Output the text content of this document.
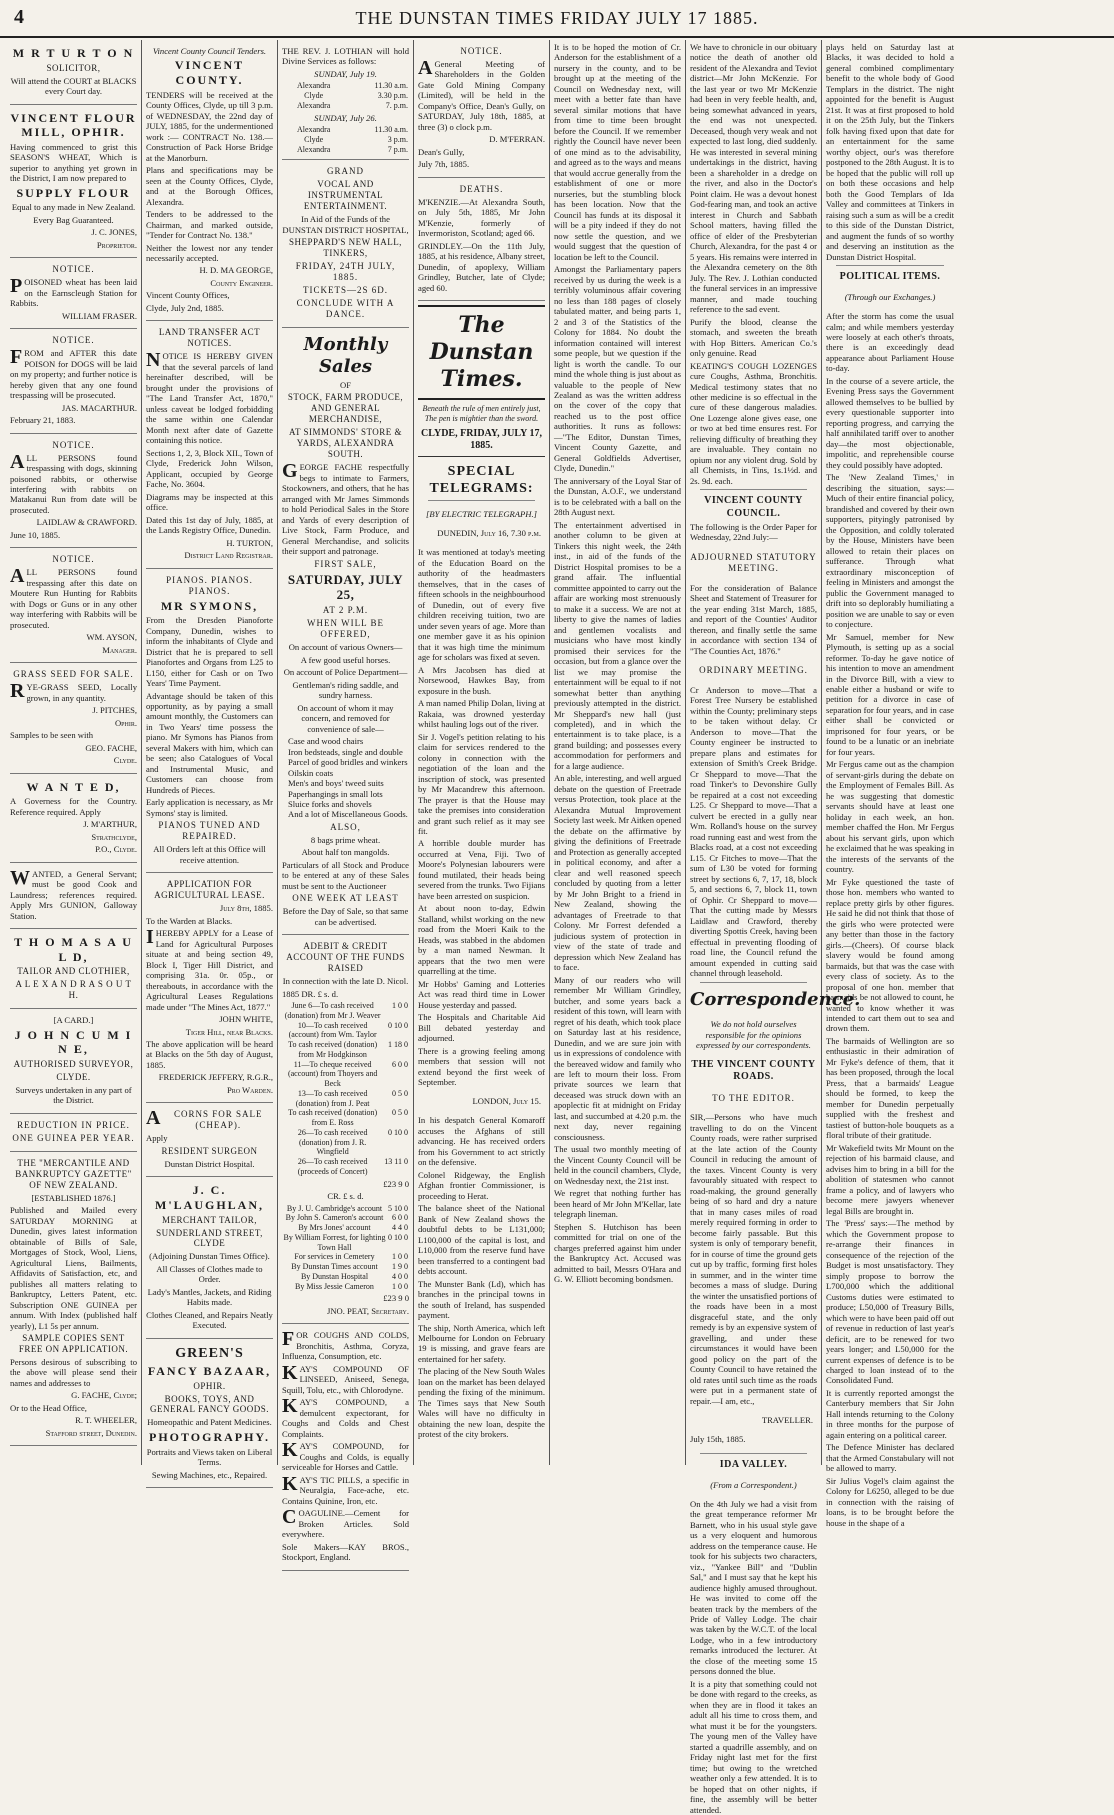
4	THE DUNSTAN TIMES FRIDAY JULY 17 1885.

M R T U R T O N

SOLICITOR,

Will attend the COURT at BLACKS every Court day.

VINCENT FLOUR MILL, OPHIR.

Having commenced to grist this SEASON'S WHEAT, Which is superior to anything yet grown in the District, I am now prepared to

SUPPLY FLOUR

Equal to any made in New Zealand.

Every Bag Guaranteed.

J. C. JONES,

Proprietor.

NOTICE.

POISONED wheat has been laid on the Earnscleugh Station for Rabbits.

WILLIAM FRASER.

NOTICE.

FROM and AFTER this date POISON for DOGS will be laid on my property; and further notice is hereby given that any one found trespassing will be prosecuted.

JAS. MACARTHUR.

February 21, 1883.

NOTICE.

ALL PERSONS found trespassing with dogs, skinning poisoned rabbits, or otherwise interfering with rabbits on Matakanui Run from date will be prosecuted.

LAIDLAW & CRAWFORD.

June 10, 1885.

NOTICE.

ALL PERSONS found trespassing after this date on Moutere Run Hunting for Rabbits with Dogs or Guns or in any other way interfering with Rabbits will be prosecuted.

WM. AYSON,

Manager.

GRASS SEED FOR SALE.

RYE-GRASS SEED, Locally grown, in any quantity.

J. PITCHES,

Ophir.

Samples to be seen with

GEO. FACHE,

Clyde.

W A N T E D,

A Governess for the Country. Reference required. Apply

J. M'ARTHUR,

Strathclyde,

P.O., Clyde.

WANTED, a General Servant; must be good Cook and Laundress; references required. Apply Mrs GUNION, Galloway Station.

T H O M A S A U L D,

TAILOR AND CLOTHIER,

A L E X A N D R A S O U T H.

[A CARD.]

J O H N C U M I N E,

AUTHORISED SURVEYOR,

CLYDE.

Surveys undertaken in any part of the District.

REDUCTION IN PRICE.

ONE GUINEA PER YEAR.

THE "MERCANTILE AND BANKRUPTCY GAZETTE" OF NEW ZEALAND.

[ESTABLISHED 1876.]

Published and Mailed every SATURDAY MORNING at Dunedin, gives latest information obtainable of Bills of Sale, Mortgages of Stock, Wool, Liens, Agricultural Liens, Bailments, Affidavits of Satisfaction, etc, and publishes all matters relating to Bankruptcy, Letters Patent, etc. Subscription ONE GUINEA per annum. With Index (published half yearly), L1 5s per annum.

SAMPLE COPIES SENT FREE ON APPLICATION.

Persons desirous of subscribing to the above will please send their names and addresses to

G. FACHE, Clyde;

Or to the Head Office,

R. T. WHEELER,

Stafford street, Dunedin.

Vincent County Council Tenders.

VINCENT COUNTY.

TENDERS will be received at the County Offices, Clyde, up till 3 p.m. of WEDNESDAY, the 22nd day of JULY, 1885, for the undermentioned work :— CONTRACT No. 138.—Construction of Pack Horse Bridge at the Manorburn.

Plans and specifications may be seen at the County Offices, Clyde, and at the Borough Offices, Alexandra.

Tenders to be addressed to the Chairman, and marked outside, "Tender for Contract No. 138."

Neither the lowest nor any tender necessarily accepted.

H. D. MA GEORGE,

County Engineer.

Vincent County Offices,

Clyde, July 2nd, 1885.

LAND TRANSFER ACT NOTICES.

NOTICE IS HEREBY GIVEN that the several parcels of land hereinafter described, will be brought under the provisions of "The Land Transfer Act, 1870," unless caveat be lodged forbidding the same within one Calendar Month next after date of Gazette containing this notice.

Sections 1, 2, 3, Block XII., Town of Clyde, Frederick John Wilson, Applicant, occupied by George Fache, No. 3604.

Diagrams may be inspected at this office.

Dated this 1st day of July, 1885, at the Lands Registry Office, Dunedin.

H. TURTON,

District Land Registrar.

PIANOS. PIANOS. PIANOS.

MR SYMONS,

From the Dresden Pianoforte Company, Dunedin, wishes to inform the inhabitants of Clyde and District that he is prepared to sell Pianofortes and Organs from L25 to L150, either for Cash or on Two Years' Time Payment.

Advantage should be taken of this opportunity, as by paying a small amount monthly, the Customers can in Two Years' time possess the piano. Mr Symons has Pianos from several Makers with him, which can be seen; also Catalogues of Vocal and Instrumental Music, and Customers can choose from Hundreds of Pieces.

Early application is necessary, as Mr Symons' stay is limited.

PIANOS TUNED AND REPAIRED.

All Orders left at this Office will receive attention.

APPLICATION FOR AGRICULTURAL LEASE.

July 8th, 1885.

To the Warden at Blacks.

IHEREBY APPLY for a Lease of Land for Agricultural Purposes situate at and being section 49, Block I, Tiger Hill District, and comprising 31a. 0r. 05p., or thereabouts, in accordance with the Agricultural Leases Regulations made under "The Mines Act, 1877."

JOHN WHITE,

Tiger Hill, near Blacks.

The above application will be heard at Blacks on the 5th day of August, 1885.

FREDERICK JEFFERY, R.G.R.,

Pro Warden.

ACORNS FOR SALE (CHEAP).

Apply

RESIDENT SURGEON

Dunstan District Hospital.

J. C. M'LAUGHLAN,

MERCHANT TAILOR,

SUNDERLAND STREET, CLYDE

(Adjoining Dunstan Times Office).

All Classes of Clothes made to Order.

Lady's Mantles, Jackets, and Riding Habits made.

Clothes Cleaned, and Repairs Neatly Executed.

GREEN'S

FANCY BAZAAR,

OPHIR.

BOOKS, TOYS, AND GENERAL FANCY GOODS.

Homeopathic and Patent Medicines.

PHOTOGRAPHY.

Portraits and Views taken on Liberal Terms.

Sewing Machines, etc., Repaired.

THE REV. J. LOTHIAN will hold Divine Services as follows:

SUNDAY, July 19.

Alexandra	11.30 a.m.
Clyde	3.30 p.m.
Alexandra	7. p.m.

SUNDAY, July 26.

Alexandra	11.30 a.m.
Clyde	3 p.m.
Alexandra	7 p.m.

GRAND

VOCAL AND INSTRUMENTAL ENTERTAINMENT.

In Aid of the Funds of the DUNSTAN DISTRICT HOSPITAL,

SHEPPARD'S NEW HALL, TINKERS,

FRIDAY, 24TH JULY, 1885.

TICKETS—2S 6D.

CONCLUDE WITH A DANCE.

Monthly Sales

OF

STOCK, FARM PRODUCE, AND GENERAL MERCHANDISE,

AT SIMMONDS' STORE & YARDS, ALEXANDRA SOUTH.

GEORGE FACHE respectfully begs to intimate to Farmers, Stockowners, and others, that he has arranged with Mr James Simmonds to hold Periodical Sales in the Store and Yards of every description of Live Stock, Farm Produce, and General Merchandise, and solicits their support and patronage.

FIRST SALE,

SATURDAY, JULY 25,

AT 2 P.M.

WHEN WILL BE OFFERED,

On account of various Owners—

A few good useful horses.

On account of Police Department—

Gentleman's riding saddle, and sundry harness.

On account of whom it may concern, and removed for convenience of sale—

Case and wood chairs
Iron bedsteads, single and double
Parcel of good bridles and winkers
Oilskin coats
Men's and boys' tweed suits
Paperhangings in small lots
Sluice forks and shovels
And a lot of Miscellaneous Goods.

ALSO,

8 bags prime wheat.

About half ton mangolds.

Particulars of all Stock and Produce to be entered at any of these Sales must be sent to the Auctioneer

ONE WEEK AT LEAST

Before the Day of Sale, so that same can be advertised.

ADEBIT & CREDIT ACCOUNT OF THE FUNDS RAISED

In connection with the late D. Nicol.

1885 DR. £ s. d.

June 6—To cash received (donation) from Mr J. Weaver	1 0 0
10—To cash received (account) from Wm. Taylor	0 10 0
To cash received (donation) from Mr Hodgkinson	1 18 0
11—To cheque received (account) from Thoyers and Beck	6 0 0
13—To cash received (donation) from J. Peat	0 5 0
To cash received (donation) from E. Ross	0 5 0
26—To cash received (donation) from J. R. Wingfield	0 10 0
26—To cash received (proceeds of Concert)	13 11 0

£23 9 0

CR. £ s. d.

By J. U. Cambridge's account	5 10 0
By John S. Cameron's account	6 0 0
By Mrs Jones' account	4 4 0
By William Forrest, for lighting Town Hall	0 10 0
For services in Cemetery	1 0 0
By Dunstan Times account	1 9 0
By Dunstan Hospital	4 0 0
By Miss Jessie Cameron	1 0 0

£23 9 0

JNO. PEAT, Secretary.

FOR COUGHS AND COLDS, Bronchitis, Asthma, Coryza, Influenza, Consumption, etc.

KAY'S COMPOUND OF LINSEED, Aniseed, Senega, Squill, Tolu, etc., with Chlorodyne.

KAY'S COMPOUND, a demulcent expectorant, for Coughs and Colds and Chest Complaints.

KAY'S COMPOUND, for Coughs and Colds, is equally serviceable for Horses and Cattle.

KAY'S TIC PILLS, a specific in Neuralgia, Face-ache, etc. Contains Quinine, Iron, etc.

COAGULINE.—Cement for Broken Articles. Sold everywhere.

Sole Makers—KAY BROS., Stockport, England.

NOTICE.

AGeneral Meeting of Shareholders in the Golden Gate Gold Mining Company (Limited), will be held in the Company's Office, Dean's Gully, on SATURDAY, July 18th, 1885, at three (3) o clock p.m.

D. M'FERRAN.

Dean's Gully,

July 7th, 1885.

DEATHS.

M'KENZIE.—At Alexandra South, on July 5th, 1885, Mr John M'Kenzie, formerly of Invermoriston, Scotland; aged 66.

GRINDLEY.—On the 11th July, 1885, at his residence, Albany street, Dunedin, of apoplexy, William Grindley, Butcher, late of Clyde; aged 60.

The Dunstan Times.

Beneath the rule of men entirely just,

The pen is mightier than the sword.

CLYDE, FRIDAY, JULY 17, 1885.
SPECIAL TELEGRAMS:

[BY ELECTRIC TELEGRAPH.]

DUNEDIN, July 16, 7.30 p.m.

It was mentioned at today's meeting of the Education Board on the authority of the headmasters themselves, that in the cases of fifteen schools in the neighbourhood of Dunedin, out of every five children receiving tuition, two are under seven years of age. More than one member gave it as his opinion that it was high time the minimum age for scholars was fixed at seven.

A Mrs Jacobsen has died at Norsewood, Hawkes Bay, from exposure in the bush.

A man named Philip Dolan, living at Rakaia, was drowned yesterday whilst hauling logs out of the river.

Sir J. Vogel's petition relating to his claim for services rendered to the colony in connection with the negotiation of the loan and the inscription of stock, was presented by Mr Macandrew this afternoon. The prayer is that the House may take the premises into consideration and grant such relief as it may see fit.

A horrible double murder has occurred at Vena, Fiji. Two of Moore's Polynesian labourers were found mutilated, their heads being severed from the trunks. Two Fijians have been arrested on suspicion.

At about noon to-day, Edwin Stalland, whilst working on the new road from the Moeri Kaik to the Heads, was stabbed in the abdomen by a man named Newman. It appears that the two men were quarrelling at the time.

Mr Hobbs' Gaming and Lotteries Act was read third time in Lower House yesterday and passed.

The Hospitals and Charitable Aid Bill debated yesterday and adjourned.

There is a growing feeling among members that session will not extend beyond the first week of September.

LONDON, July 15.

In his despatch General Komaroff accuses the Afghans of still advancing. He has received orders from his Government to act strictly on the defensive.

Colonel Ridgeway, the English Afghan frontier Commissioner, is proceeding to Herat.

The balance sheet of the National Bank of New Zealand shows the doubtful debts to be L131,000; L100,000 of the capital is lost, and L10,000 from the reserve fund have been transferred to a contingent bad debts account.

The Munster Bank (Ld), which has branches in the principal towns in the south of Ireland, has suspended payment.

The ship, North America, which left Melbourne for London on February 19 is missing, and grave fears are entertained for her safety.

The placing of the New South Wales loan on the market has been delayed pending the fixing of the minimum. The Times says that New South Wales will have no difficulty in obtaining the new loan, despite the protest of the city brokers.

It is to be hoped the motion of Cr. Anderson for the establishment of a nursery in the county, and to be brought up at the meeting of the Council on Wednesday next, will meet with a better fate than have several similar motions that have from time to time been brought before the Council. If we remember rightly the Council have never been of one mind as to the advisability, and agreed as to the ways and means that would accrue generally from the establishment of one or more nurseries, but the stumbling block has been location. Now that the Council has funds at its disposal it will be a pity indeed if they do not now settle the question, and we would suggest that the question of location be left to the Council.

Amongst the Parliamentary papers received by us during the week is a terribly voluminous affair covering no less than 188 pages of closely tabulated matter, and being parts 1, 2 and 3 of the Statistics of the Colony for 1884. No doubt the information contained will interest some people, but we question if the light is worth the candle. To our mind the whole thing is just about as valuable to the people of New Zealand as was the written address on the cover of the copy that reached us to the post office authorities. It runs as follows:—"The Editor, Dunstan Times, Vincent County Gazette, and General Goldfields Advertiser, Clyde, Dunedin."

The anniversary of the Loyal Star of the Dunstan, A.O.F., we understand is to be celebrated with a ball on the 28th August next.

The entertainment advertised in another column to be given at Tinkers this night week, the 24th inst., in aid of the funds of the District Hospital promises to be a grand affair. The influential committee appointed to carry out the affair are working most strenuously to make it a success. We are not at liberty to give the names of ladies and gentlemen vocalists and musicians who have most kindly promised their services for the occasion, but from a glance over the list we may promise the entertainment will be equal to if not somewhat better than anything previously attempted in the district. Mr Sheppard's new hall (just completed), and in which the entertainment is to take place, is a grand building; and possesses every accommodation for performers and for a large audience.

An able, interesting, and well argued debate on the question of Freetrade versus Protection, took place at the Alexandra Mutual Improvement Society last week. Mr Aitken opened the debate on the affirmative by giving the definitions of Freetrade and Protection as generally accepted in political economy, and after a clear and well reasoned speech concluded by quoting from a letter by Mr John Bright to a friend in New Zealand, showing the advantages of Freetrade to that Colony. Mr Forrest defended a judicious system of protection in view of the state of trade and depression which New Zealand has to face.

Many of our readers who will remember Mr William Grindley, butcher, and some years back a resident of this town, will learn with regret of his death, which took place on Saturday last at his residence, Dunedin, and we are sure join with us in expressions of condolence with the bereaved widow and family who are left to mourn their loss. From private sources we learn that deceased was struck down with an apoplectic fit at midnight on Friday last, and succumbed at 4.20 p.m. the next day, never regaining consciousness.

The usual two monthly meeting of the Vincent County Council will be held in the council chambers, Clyde, on Wednesday next, the 21st inst.

We regret that nothing further has been heard of Mr John M'Kellar, late telegraph lineman.

Stephen S. Hutchison has been committed for trial on one of the charges preferred against him under the Bankruptcy Act. Accused was admitted to bail, Messrs O'Hara and G. W. Elliott becoming bondsmen.

We have to chronicle in our obituary notice the death of another old resident of the Alexandra and Teviot district—Mr John McKenzie. For the last year or two Mr McKenzie had been in very feeble health, and, being somewhat advanced in years, the end was not unexpected. Deceased, though very weak and not expected to last long, died suddenly. He was interested in several mining undertakings in the district, having been a shareholder in a dredge on the river, and also in the Doctor's Point claim. He was a devout honest God-fearing man, and took an active interest in Church and Sabbath School matters, having filled the office of elder of the Presbyterian Church, Alexandra, for the past 4 or 5 years. His remains were interred in the Alexandra cemetery on the 8th July. The Rev. J. Lothian conducted the funeral services in an impressive manner, and made touching reference to the sad event.

Purify the blood, cleanse the stomach, and sweeten the breath with Hop Bitters. American Co.'s only genuine. Read

KEATING'S COUGH LOZENGES cure Coughs, Asthma, Bronchitis. Medical testimony states that no other medicine is so effectual in the cure of these dangerous maladies. One Lozenge alone gives ease, one or two at bed time ensures rest. For relieving difficulty of breathing they are invaluable. They contain no opium nor any violent drug. Sold by all Chemists, in Tins, 1s.1½d. and 2s. 9d. each.

VINCENT COUNTY COUNCIL.

The following is the Order Paper for Wednesday, 22nd July:—

ADJOURNED STATUTORY MEETING.

For the consideration of Balance Sheet and Statement of Treasurer for the year ending 31st March, 1885, and report of the Counties' Auditor thereon, and finally settle the same in accordance with section 134 of "The Counties Act, 1876."

ORDINARY MEETING.

Cr Anderson to move—That a Forest Tree Nursery be established within the County; preliminary steps to be taken without delay. Cr Anderson to move—That the County engineer be instructed to prepare plans and estimates for extension of Smith's Creek Bridge. Cr Sheppard to move—That the road Tinker's to Devonshire Gully be repaired at a cost not exceeding L25. Cr Sheppard to move—That a culvert be erected in a gully near Wm. Rolland's house on the survey road running east and west from the Blacks road, at a cost not exceeding L15. Cr Fitches to move—That the sum of L30 be voted for forming street by sections 6, 7, 17, 18, block 5, and sections 6, 7, block 11, town of Ophir. Cr Sheppard to move—That the cutting made by Messrs Laidlaw and Crawford, thereby diverting Spottis Creek, having been effectual in preventing flooding of road line, the Council refund the amount expended in cutting said channel through leasehold.

Correspondence.

We do not hold ourselves responsible for the opinions expressed by our correspondents.

THE VINCENT COUNTY ROADS.

TO THE EDITOR.

SIR,—Persons who have much travelling to do on the Vincent County roads, were rather surprised at the late action of the County Council in reducing the amount of the taxes. Vincent County is very favourably situated with respect to road-making, the ground generally being of so hard and dry a nature that in many cases miles of road merely required forming in order to become fairly passable. But this system is only of temporary benefit, for in course of time the ground gets cut up by traffic, forming first holes in summer, and in the winter time becomes a mass of sludge. During the winter the unsatisfied portions of the roads have been in a most disgraceful state, and the only remedy is by an expensive system of gravelling, and under these circumstances it would have been good policy on the part of the County Council to have retained the old rates until such time as the roads were put in a permanent state of repair.—I am, etc.,

TRAVELLER.

July 15th, 1885.

IDA VALLEY.

(From a Correspondent.)

On the 4th July we had a visit from the great temperance reformer Mr Barnett, who in his usual style gave us a very eloquent and humorous address on the temperance cause. He took for his subjects two characters, viz., "Yankee Bill" and "Dublin Sal," and I must say that he kept his audience highly amused throughout. He was invited to come off the beaten track by the members of the Pride of Valley Lodge. The chair was taken by the W.C.T. of the local Lodge, who in a few introductory remarks introduced the lecturer. At the close of the meeting some 15 persons donned the blue.

It is a pity that something could not be done with regard to the creeks, as when they are in flood it takes an adult all his time to cross them, and what must it be for the youngsters. The young men of the Valley have started a quadrille assembly, and on Friday night last met for the first time; but owing to the wretched weather only a few attended. It is to be hoped that on other nights, if fine, the assembly will be better attended.

plays held on Saturday last at Blacks, it was decided to hold a general combined complimentary benefit to the whole body of Good Templars in the district. The night appointed for the benefit is August 21st. It was at first proposed to hold it on the 25th July, but the Tinkers folk having fixed upon that date for an entertainment for the same worthy object, our's was therefore postponed to the 28th August. It is to be hoped that the public will roll up on both these occasions and help both the Good Templars of Ida Valley and committees at Tinkers in raising such a sum as will be a credit to this side of the Dunstan District, and augment the funds of so worthy and deserving an institution as the Dunstan District Hospital.

POLITICAL ITEMS.

(Through our Exchanges.)

After the storm has come the usual calm; and while members yesterday were loosely at each other's throats, there is an exceedingly dead appearance about Parliament House to-day.

In the course of a severe article, the Evening Press says the Government allowed themselves to be bullied by every questionable supporter into reporting progress, and carrying the half annihilated tariff over to another day—the most objectionable, impolitic, and reprehensible course they could possibly have adopted.

The 'New Zealand Times,' in describing the situation, says:—Much of their entire financial policy, brandished and covered by their own supporters, pityingly patronised by the Opposition, and coldly tolerated by the House, Ministers have been allowed to retain their places on sufferance. Through what extraordinary misconception of feeling in Ministers and amongst the public the Government managed to drift into so deplorably humiliating a position we are unable to say or even to conjecture.

Mr Samuel, member for New Plymouth, is setting up as a social reformer. To-day he gave notice of his intention to move an amendment in the Divorce Bill, with a view to enable either a husband or wife to petition for a divorce in case of separation for four years, and in case either shall be convicted or imprisoned for four years, or be found to be a lunatic or an inebriate for four years.

Mr Fergus came out as the champion of servant-girls during the debate on the Employment of Females Bill. As he was suggesting that domestic servants should have at least one holiday in each week, an hon. member chaffed the Hon. Mr Fergus about his servant girls, upon which he exclaimed that he was speaking in the interests of the servants of the country.

Mr Fyke questioned the taste of those hon. members who wanted to replace pretty girls by other figures. He said he did not think that those of the girls who were protected were any better than those in the factory girls.—(Cheers). Of course black slavery would be found among barmaids, but that was the case with every class of society. As to the proposal of one hon. member that barmaids be not allowed to count, he wanted to know whether it was intended to cart them out to sea and drown them.

The barmaids of Wellington are so enthusiastic in their admiration of Mr Fyke's defence of them, that it has been proposed, through the local Press, that a barmaids' League should be formed, to keep the member for Dunedin perpetually supplied with the freshest and tastiest of button-hole bouquets as a floral tribute of their gratitude.

Mr Wakefield twits Mr Mount on the rejection of his barmaid clause, and advises him to bring in a bill for the abolition of statesmen who cannot frame a policy, and of lawyers who become mere jawyers whenever legal Bills are brought in.

The 'Press' says:—The method by which the Government propose to re-arrange their finances in consequence of the rejection of the Budget is most unsatisfactory. They simply propose to borrow the L700,000 which the additional Customs duties were estimated to produce; L50,000 of Treasury Bills, which were to have been paid off out of revenue in reduction of last year's deficit, are to be renewed for two years longer; and L50,000 for the current expenses of defence is to be charged to loan instead of to the Consolidated Fund.

It is currently reported amongst the Canterbury members that Sir John Hall intends returning to the Colony in three months for the purpose of again entering on a political career.

The Defence Minister has declared that the Armed Constabulary will not be allowed to marry.

Sir Julius Vogel's claim against the Colony for L6250, alleged to be due in connection with the raising of loans, is to be brought before the house in the shape of a
